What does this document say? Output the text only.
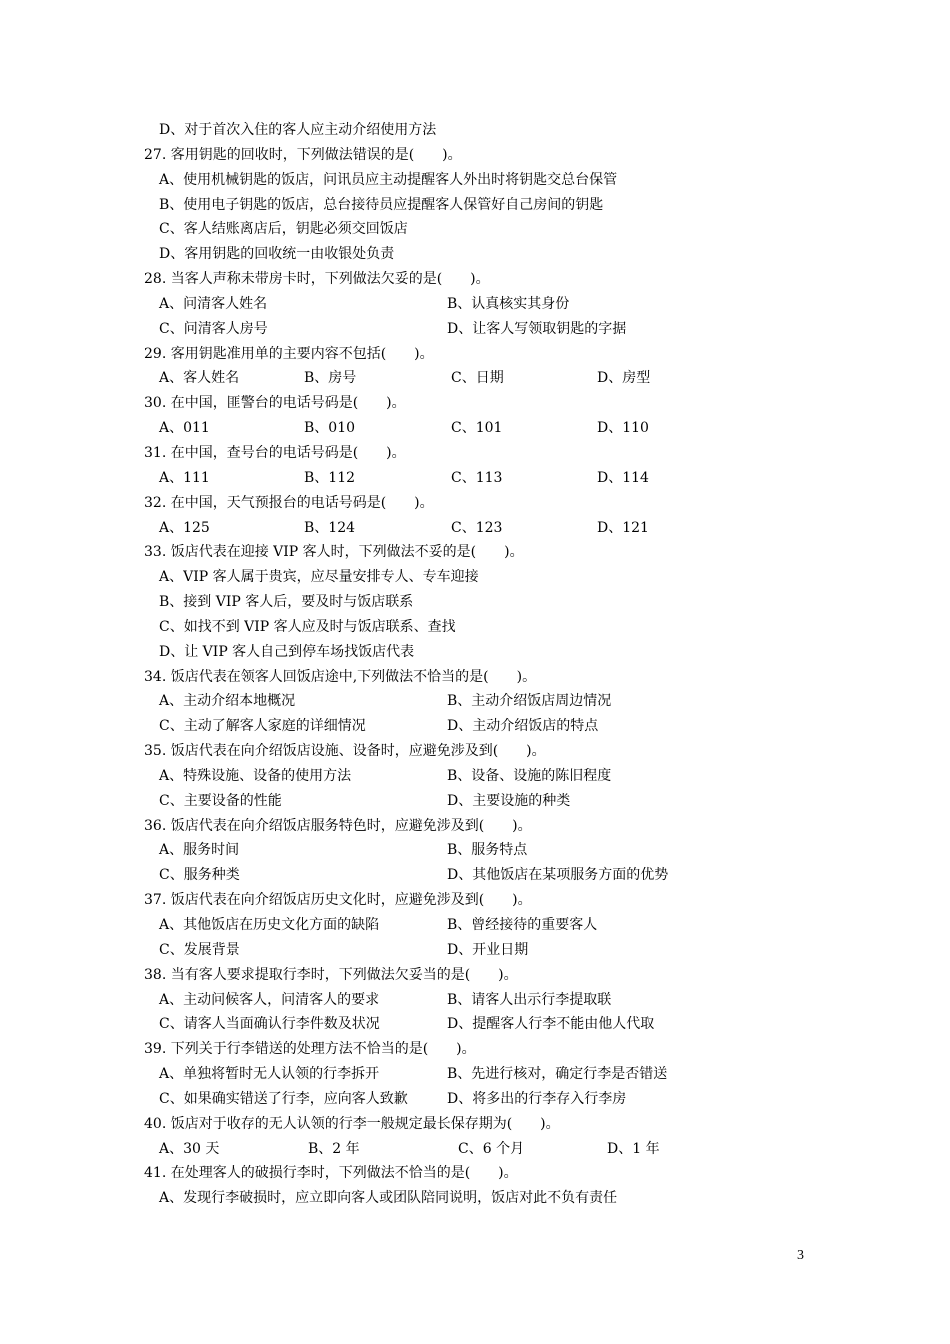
D、对于首次入住的客人应主动介绍使用方法
27. 客用钥匙的回收时，下列做法错误的是(　　)。
A、使用机械钥匙的饭店，问讯员应主动提醒客人外出时将钥匙交总台保管
B、使用电子钥匙的饭店，总台接待员应提醒客人保管好自己房间的钥匙
C、客人结账离店后，钥匙必须交回饭店
D、客用钥匙的回收统一由收银处负责
28. 当客人声称未带房卡时，下列做法欠妥的是(　　)。
A、问清客人姓名	B、认真核实其身份
C、问清客人房号	D、让客人写领取钥匙的字据
29. 客用钥匙准用单的主要内容不包括(　　)。
A、客人姓名	B、房号	C、日期	D、房型
30. 在中国，匪警台的电话号码是(　　)。
A、011	B、010	C、101	D、110
31. 在中国，查号台的电话号码是(　　)。
A、111	B、112	C、113	D、114
32. 在中国，天气预报台的电话号码是(　　)。
A、125	B、124	C、123	D、121
33. 饭店代表在迎接 VIP 客人时，下列做法不妥的是(　　)。
A、VIP 客人属于贵宾，应尽量安排专人、专车迎接
B、接到 VIP 客人后，要及时与饭店联系
C、如找不到 VIP 客人应及时与饭店联系、查找
D、让 VIP 客人自己到停车场找饭店代表
34. 饭店代表在领客人回饭店途中,下列做法不恰当的是(　　)。
A、主动介绍本地概况	B、主动介绍饭店周边情况
C、主动了解客人家庭的详细情况	D、主动介绍饭店的特点
35. 饭店代表在向介绍饭店设施、设备时，应避免涉及到(　　)。
A、特殊设施、设备的使用方法	B、设备、设施的陈旧程度
C、主要设备的性能	D、主要设施的种类
36. 饭店代表在向介绍饭店服务特色时，应避免涉及到(　　)。
A、服务时间	B、服务特点
C、服务种类	D、其他饭店在某项服务方面的优势
37. 饭店代表在向介绍饭店历史文化时，应避免涉及到(　　)。
A、其他饭店在历史文化方面的缺陷	B、曾经接待的重要客人
C、发展背景	D、开业日期
38. 当有客人要求提取行李时，下列做法欠妥当的是(　　)。
A、主动问候客人，问清客人的要求	B、请客人出示行李提取联
C、请客人当面确认行李件数及状况	D、提醒客人行李不能由他人代取
39. 下列关于行李错送的处理方法不恰当的是(　　)。
A、单独将暂时无人认领的行李拆开	B、先进行核对，确定行李是否错送
C、如果确实错送了行李，应向客人致歉	D、将多出的行李存入行李房
40. 饭店对于收存的无人认领的行李一般规定最长保存期为(　　)。
A、30 天	B、2 年	C、6 个月	D、1 年
41. 在处理客人的破损行李时，下列做法不恰当的是(　　)。
A、发现行李破损时，应立即向客人或团队陪同说明，饭店对此不负有责任
3
